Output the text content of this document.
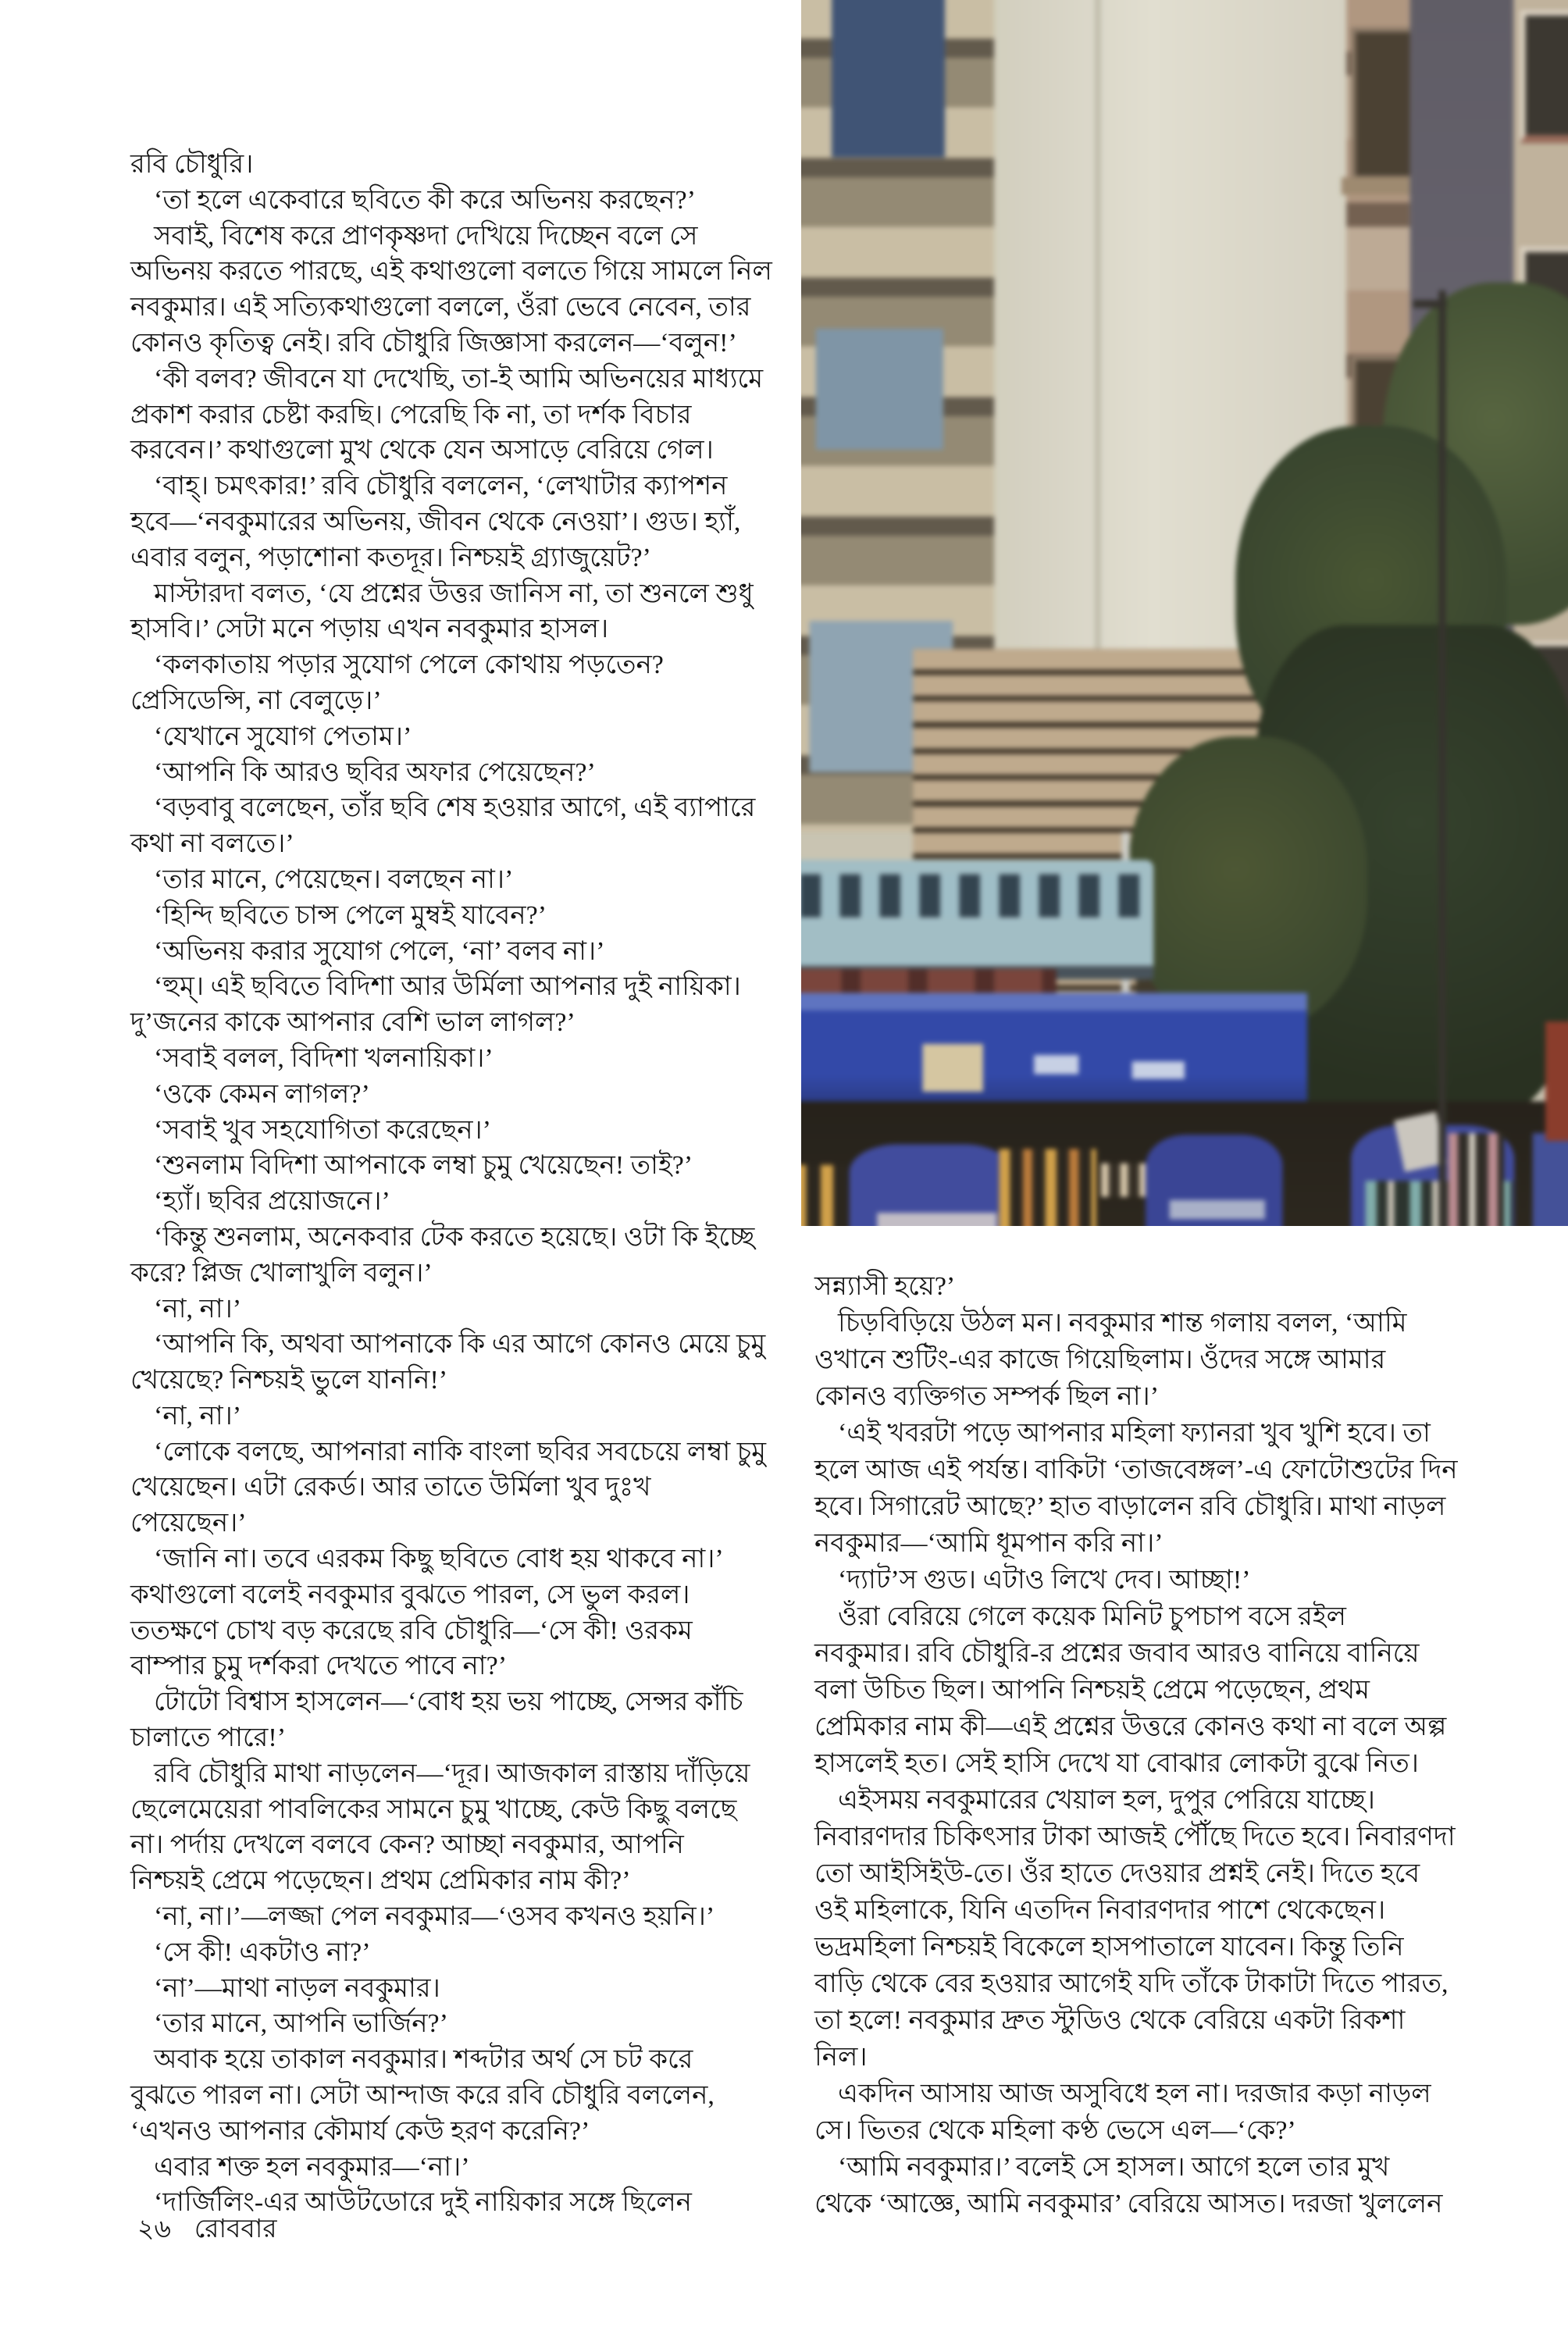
রবি চৌধুরি।
‘তা হলে একেবারে ছবিতে কী করে অভিনয় করছেন?’
সবাই, বিশেষ করে প্রাণকৃষ্ণদা দেখিয়ে দিচ্ছেন বলে সে
অভিনয় করতে পারছে, এই কথাগুলো বলতে গিয়ে সামলে নিল
নবকুমার। এই সত্যিকথাগুলো বললে, ওঁরা ভেবে নেবেন, তার
কোনও কৃতিত্ব নেই। রবি চৌধুরি জিজ্ঞাসা করলেন—‘বলুন!’
‘কী বলব? জীবনে যা দেখেছি, তা-ই আমি অভিনয়ের মাধ্যমে
প্রকাশ করার চেষ্টা করছি। পেরেছি কি না, তা দর্শক বিচার
করবেন।’ কথাগুলো মুখ থেকে যেন অসাড়ে বেরিয়ে গেল।
‘বাহ্‌। চমৎকার!’ রবি চৌধুরি বললেন, ‘লেখাটার ক্যাপশন
হবে—‘নবকুমারের অভিনয়, জীবন থেকে নেওয়া’। গুড। হ্যাঁ,
এবার বলুন, পড়াশোনা কতদূর। নিশ্চয়ই গ্র্যাজুয়েট?’
মাস্টারদা বলত, ‘যে প্রশ্নের উত্তর জানিস না, তা শুনলে শুধু
হাসবি।’ সেটা মনে পড়ায় এখন নবকুমার হাসল।
‘কলকাতায় পড়ার সুযোগ পেলে কোথায় পড়তেন?
প্রেসিডেন্সি, না বেলুড়ে।’
‘যেখানে সুযোগ পেতাম।’
‘আপনি কি আরও ছবির অফার পেয়েছেন?’
‘বড়বাবু বলেছেন, তাঁর ছবি শেষ হওয়ার আগে, এই ব্যাপারে
কথা না বলতে।’
‘তার মানে, পেয়েছেন। বলছেন না।’
‘হিন্দি ছবিতে চান্স পেলে মুম্বই যাবেন?’
‘অভিনয় করার সুযোগ পেলে, ‘না’ বলব না।’
‘হুম্‌। এই ছবিতে বিদিশা আর উর্মিলা আপনার দুই নায়িকা।
দু’জনের কাকে আপনার বেশি ভাল লাগল?’
‘সবাই বলল, বিদিশা খলনায়িকা।’
‘ওকে কেমন লাগল?’
‘সবাই খুব সহযোগিতা করেছেন।’
‘শুনলাম বিদিশা আপনাকে লম্বা চুমু খেয়েছেন! তাই?’
‘হ্যাঁ। ছবির প্রয়োজনে।’
‘কিন্তু শুনলাম, অনেকবার টেক করতে হয়েছে। ওটা কি ইচ্ছে
করে? প্লিজ খোলাখুলি বলুন।’
‘না, না।’
‘আপনি কি, অথবা আপনাকে কি এর আগে কোনও মেয়ে চুমু
খেয়েছে? নিশ্চয়ই ভুলে যাননি!’
‘না, না।’
‘লোকে বলছে, আপনারা নাকি বাংলা ছবির সবচেয়ে লম্বা চুমু
খেয়েছেন। এটা রেকর্ড। আর তাতে উর্মিলা খুব দুঃখ
পেয়েছেন।’
‘জানি না। তবে এরকম কিছু ছবিতে বোধ হয় থাকবে না।’
কথাগুলো বলেই নবকুমার বুঝতে পারল, সে ভুল করল।
ততক্ষণে চোখ বড় করেছে রবি চৌধুরি—‘সে কী! ওরকম
বাম্পার চুমু দর্শকরা দেখতে পাবে না?’
টোটো বিশ্বাস হাসলেন—‘বোধ হয় ভয় পাচ্ছে, সেন্সর কাঁচি
চালাতে পারে!’
রবি চৌধুরি মাথা নাড়লেন—‘দূর। আজকাল রাস্তায় দাঁড়িয়ে
ছেলেমেয়েরা পাবলিকের সামনে চুমু খাচ্ছে, কেউ কিছু বলছে
না। পর্দায় দেখলে বলবে কেন? আচ্ছা নবকুমার, আপনি
নিশ্চয়ই প্রেমে পড়েছেন। প্রথম প্রেমিকার নাম কী?’
‘না, না।’—লজ্জা পেল নবকুমার—‘ওসব কখনও হয়নি।’
‘সে কী! একটাও না?’
‘না’—মাথা নাড়ল নবকুমার।
‘তার মানে, আপনি ভার্জিন?’
অবাক হয়ে তাকাল নবকুমার। শব্দটার অর্থ সে চট করে
বুঝতে পারল না। সেটা আন্দাজ করে রবি চৌধুরি বললেন,
‘এখনও আপনার কৌমার্য কেউ হরণ করেনি?’
এবার শক্ত হল নবকুমার—‘না।’
‘দার্জিলিং-এর আউটডোরে দুই নায়িকার সঙ্গে ছিলেন
সন্ন্যাসী হয়ে?’
চিড়বিড়িয়ে উঠল মন। নবকুমার শান্ত গলায় বলল, ‘আমি
ওখানে শুটিং-এর কাজে গিয়েছিলাম। ওঁদের সঙ্গে আমার
কোনও ব্যক্তিগত সম্পর্ক ছিল না।’
‘এই খবরটা পড়ে আপনার মহিলা ফ্যানরা খুব খুশি হবে। তা
হলে আজ এই পর্যন্ত। বাকিটা ‘তাজবেঙ্গল’-এ ফোটোশুটের দিন
হবে। সিগারেট আছে?’ হাত বাড়ালেন রবি চৌধুরি। মাথা নাড়ল
নবকুমার—‘আমি ধূমপান করি না।’
‘দ্যাট’স গুড। এটাও লিখে দেব। আচ্ছা!’
ওঁরা বেরিয়ে গেলে কয়েক মিনিট চুপচাপ বসে রইল
নবকুমার। রবি চৌধুরি-র প্রশ্নের জবাব আরও বানিয়ে বানিয়ে
বলা উচিত ছিল। আপনি নিশ্চয়ই প্রেমে পড়েছেন, প্রথম
প্রেমিকার নাম কী—এই প্রশ্নের উত্তরে কোনও কথা না বলে অল্প
হাসলেই হত। সেই হাসি দেখে যা বোঝার লোকটা বুঝে নিত।
এইসময় নবকুমারের খেয়াল হল, দুপুর পেরিয়ে যাচ্ছে।
নিবারণদার চিকিৎসার টাকা আজই পৌঁছে দিতে হবে। নিবারণদা
তো আইসিইউ-তে। ওঁর হাতে দেওয়ার প্রশ্নই নেই। দিতে হবে
ওই মহিলাকে, যিনি এতদিন নিবারণদার পাশে থেকেছেন।
ভদ্রমহিলা নিশ্চয়ই বিকেলে হাসপাতালে যাবেন। কিন্তু তিনি
বাড়ি থেকে বের হওয়ার আগেই যদি তাঁকে টাকাটা দিতে পারত,
তা হলে! নবকুমার দ্রুত স্টুডিও থেকে বেরিয়ে একটা রিকশা
নিল।
একদিন আসায় আজ অসুবিধে হল না। দরজার কড়া নাড়ল
সে। ভিতর থেকে মহিলা কণ্ঠ ভেসে এল—‘কে?’
‘আমি নবকুমার।’ বলেই সে হাসল। আগে হলে তার মুখ
থেকে ‘আজ্ঞে, আমি নবকুমার’ বেরিয়ে আসত। দরজা খুললেন
২৬ রোববার
